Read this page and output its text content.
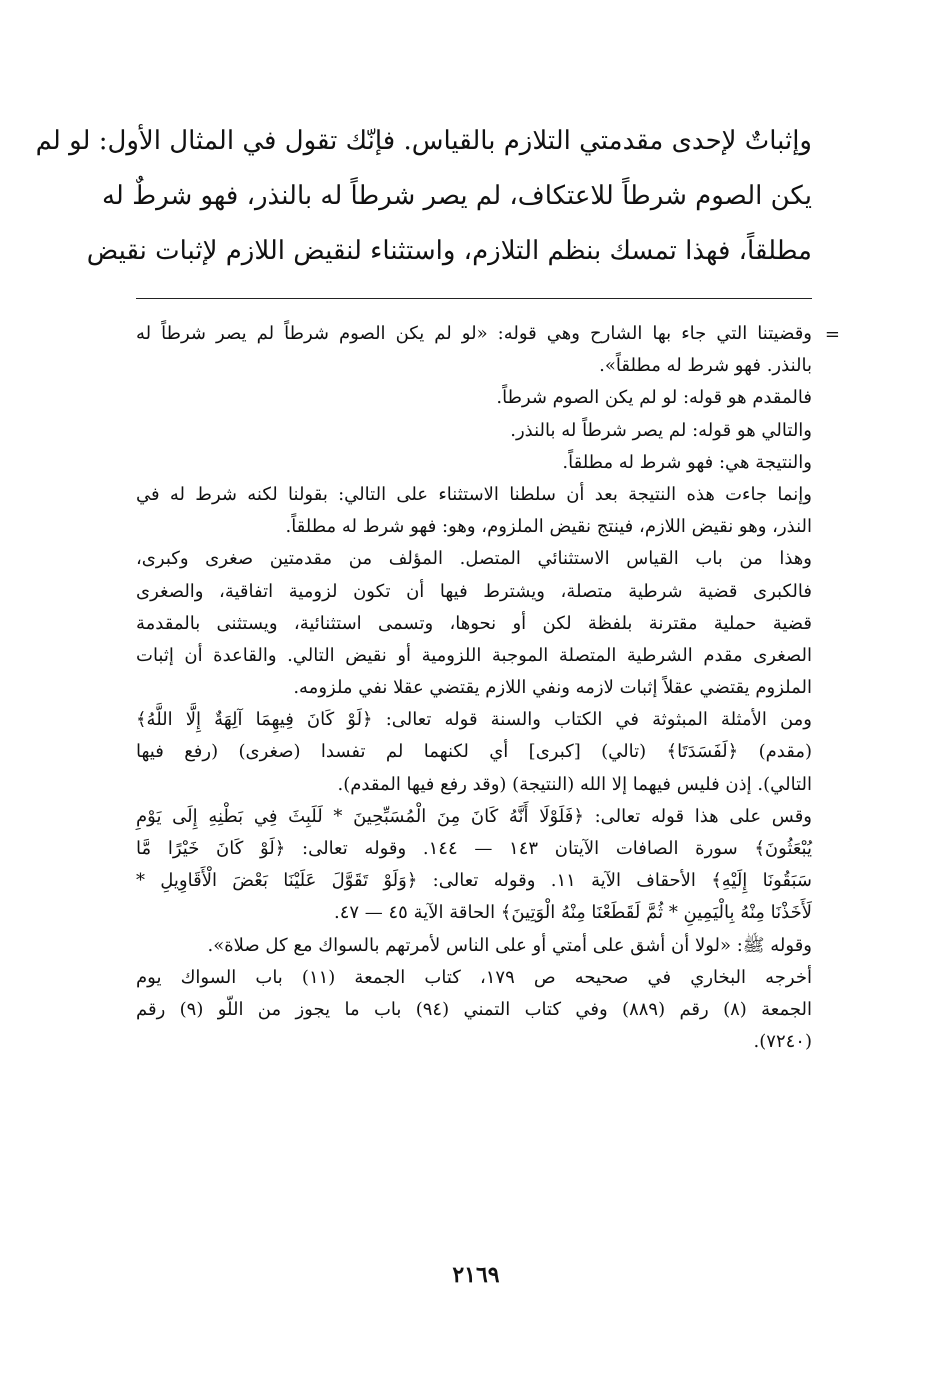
وإثباتٌ لإحدى مقدمتي التلازم بالقياس. فإنّك تقول في المثال الأول: لو لم
يكن الصوم شرطاً للاعتكاف، لم يصر شرطاً له بالنذر، فهو شرطٌ له
مطلقاً، فهذا تمسك بنظم التلازم، واستثناء لنقيض اللازم لإثبات نقيض
=
وقضيتنا التي جاء بها الشارح وهي قوله: «لو لم يكن الصوم شرطاً لم يصر شرطاً له
بالنذر. فهو شرط له مطلقاً».
فالمقدم هو قوله: لو لم يكن الصوم شرطاً.
والتالي هو قوله: لم يصر شرطاً له بالنذر.
والنتيجة هي: فهو شرط له مطلقاً.
وإنما جاءت هذه النتيجة بعد أن سلطنا الاستثناء على التالي: بقولنا لكنه شرط له في
النذر، وهو نقيض اللازم، فينتج نقيض الملزوم، وهو: فهو شرط له مطلقاً.
وهذا من باب القياس الاستثنائي المتصل. المؤلف من مقدمتين صغرى وكبرى،
فالكبرى قضية شرطية متصلة، ويشترط فيها أن تكون لزومية اتفاقية، والصغرى
قضية حملية مقترنة بلفظة لكن أو نحوها، وتسمى استثنائية، ويستثنى بالمقدمة
الصغرى مقدم الشرطية المتصلة الموجبة اللزومية أو نقيض التالي. والقاعدة أن إثبات
الملزوم يقتضي عقلاً إثبات لازمه ونفي اللازم يقتضي عقلا نفي ملزومه.
ومن الأمثلة المبثوثة في الكتاب والسنة قوله تعالى: ﴿لَوْ كَانَ فِيهِمَا آلِهَةٌ إِلَّا اللَّهُ﴾
(مقدم) ﴿لَفَسَدَتَا﴾ (تالي) [كبرى] أي لكنهما لم تفسدا (صغرى) (رفع فيها
التالي). إذن فليس فيهما إلا الله (النتيجة) (وقد رفع فيها المقدم).
وقس على هذا قوله تعالى: ﴿فَلَوْلَا أَنَّهُ كَانَ مِنَ الْمُسَبِّحِينَ * لَلَبِثَ فِي بَطْنِهِ إِلَى يَوْمِ
يُبْعَثُونَ﴾ سورة الصافات الآيتان ١٤٣ — ١٤٤. وقوله تعالى: ﴿لَوْ كَانَ خَيْرًا مَّا
سَبَقُونَا إِلَيْهِ﴾ الأحقاف الآية ١١. وقوله تعالى: ﴿وَلَوْ تَقَوَّلَ عَلَيْنَا بَعْضَ الْأَقَاوِيلِ *
لَأَخَذْنَا مِنْهُ بِالْيَمِينِ * ثُمَّ لَقَطَعْنَا مِنْهُ الْوَتِينَ﴾ الحاقة الآية ٤٥ — ٤٧.
وقوله ﷺ: «لولا أن أشق على أمتي أو على الناس لأمرتهم بالسواك مع كل صلاة».
أخرجه البخاري في صحيحه ص ١٧٩، كتاب الجمعة (١١) باب السواك يوم
الجمعة (٨) رقم (٨٨٩) وفي كتاب التمني (٩٤) باب ما يجوز من اللّو (٩) رقم
(٧٢٤٠).
٢١٦٩
